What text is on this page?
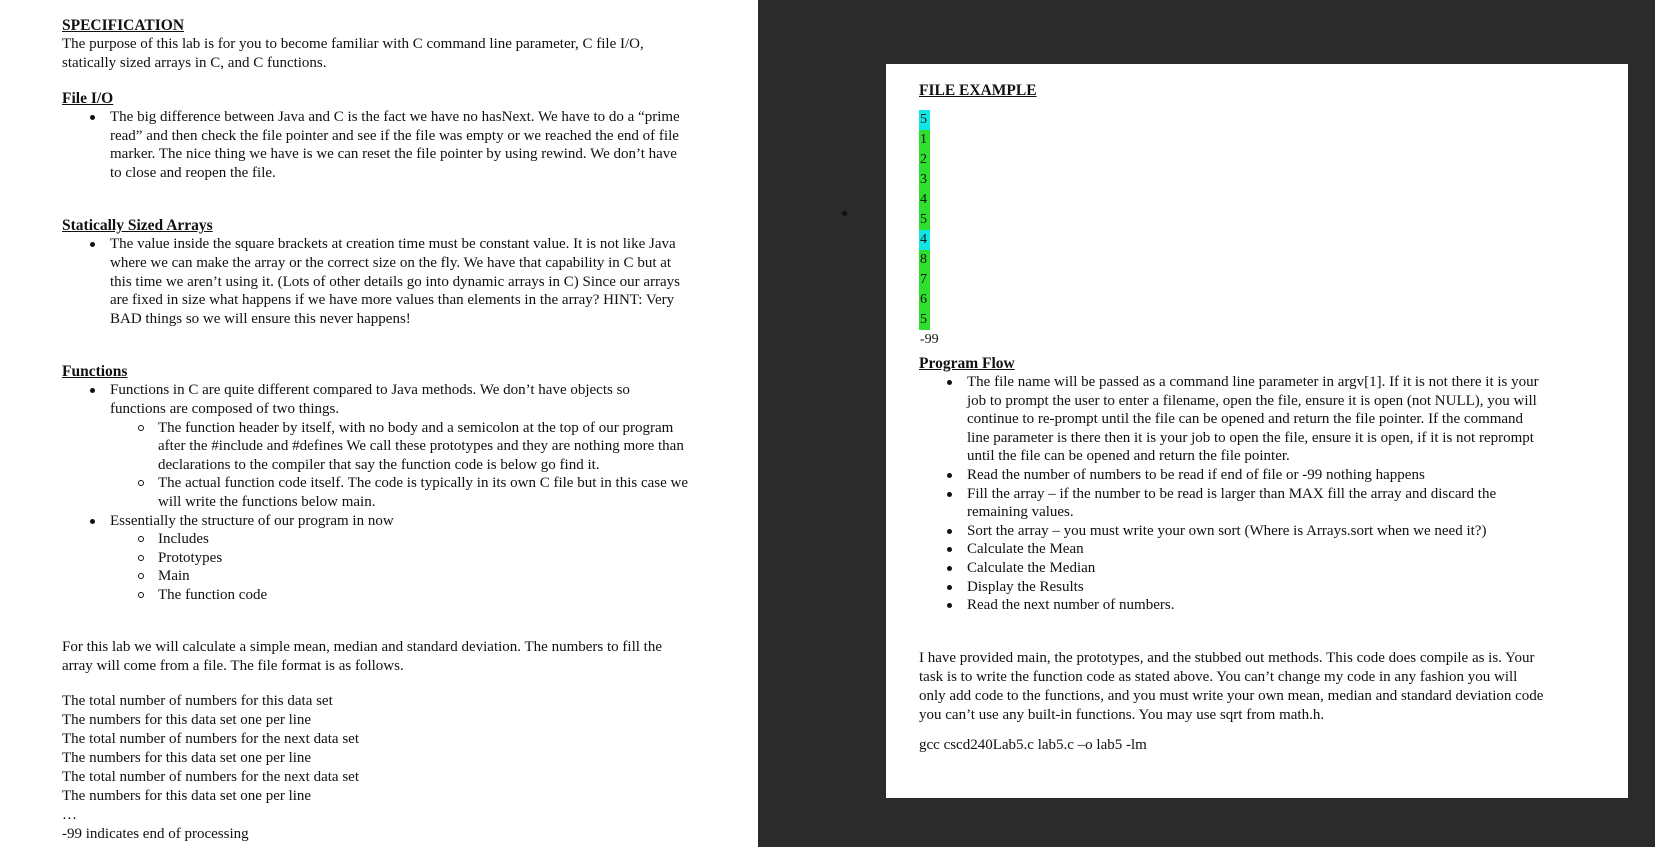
SPECIFICATION

The purpose of this lab is for you to become familiar with C command line parameter, C file I/O,

statically sized arrays in C, and C functions.

File I/O

The big difference between Java and C is the fact we have no hasNext. We have to do a “prime
read” and then check the file pointer and see if the file was empty or we reached the end of file
marker. The nice thing we have is we can reset the file pointer by using rewind. We don’t have
to close and reopen the file.

Statically Sized Arrays

The value inside the square brackets at creation time must be constant value. It is not like Java
where we can make the array or the correct size on the fly. We have that capability in C but at
this time we aren’t using it. (Lots of other details go into dynamic arrays in C) Since our arrays
are fixed in size what happens if we have more values than elements in the array? HINT: Very
BAD things so we will ensure this never happens!

Functions

Functions in C are quite different compared to Java methods. We don’t have objects so
functions are composed of two things.
The function header by itself, with no body and a semicolon at the top of our program
after the #include and #defines We call these prototypes and they are nothing more than
declarations to the compiler that say the function code is below go find it.
The actual function code itself. The code is typically in its own C file but in this case we
will write the functions below main.
Essentially the structure of our program in now
Includes
Prototypes
Main
The function code

For this lab we will calculate a simple mean, median and standard deviation. The numbers to fill the

array will come from a file. The file format is as follows.

The total number of numbers for this data set

The numbers for this data set one per line

The total number of numbers for the next data set

The numbers for this data set one per line

The total number of numbers for the next data set

The numbers for this data set one per line

…

-99 indicates end of processing

FILE EXAMPLE

5
1
2
3
4
5
4
8
7
6
5
-99

Program Flow

The file name will be passed as a command line parameter in argv[1]. If it is not there it is your
job to prompt the user to enter a filename, open the file, ensure it is open (not NULL), you will
continue to re-prompt until the file can be opened and return the file pointer. If the command
line parameter is there then it is your job to open the file, ensure it is open, if it is not reprompt
until the file can be opened and return the file pointer.
Read the number of numbers to be read if end of file or -99 nothing happens
Fill the array – if the number to be read is larger than MAX fill the array and discard the
remaining values.
Sort the array – you must write your own sort (Where is Arrays.sort when we need it?)
Calculate the Mean
Calculate the Median
Display the Results
Read the next number of numbers.

I have provided main, the prototypes, and the stubbed out methods. This code does compile as is. Your

task is to write the function code as stated above. You can’t change my code in any fashion you will

only add code to the functions, and you must write your own mean, median and standard deviation code

you can’t use any built-in functions. You may use sqrt from math.h.

gcc cscd240Lab5.c lab5.c –o lab5 -lm
